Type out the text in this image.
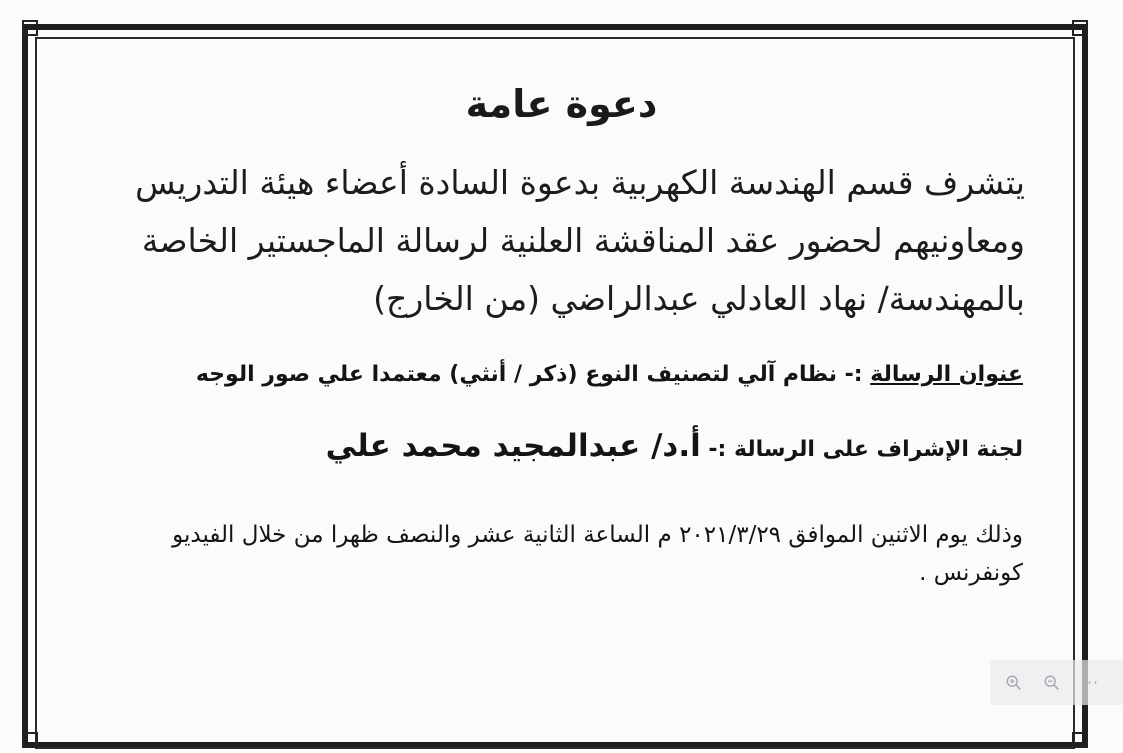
دعوة عامة

يتشرف قسم الهندسة الكهربية بدعوة السادة أعضاء هيئة التدريس

ومعاونيهم لحضور عقد المناقشة العلنية لرسالة الماجستير الخاصة

بالمهندسة/ نهاد العادلي عبدالراضي (من الخارج)

عنوان الرسالة :- نظام آلي لتصنيف النوع (ذكر / أنثي) معتمدا علي صور الوجه
لجنة الإشراف على الرسالة :- أ.د/ عبدالمجيد محمد علي

وذلك يوم الاثنين الموافق ٢٠٢١/٣/٢٩ م الساعة الثانية عشر والنصف ظهرا من خلال الفيديو

كونفرنس .

···
